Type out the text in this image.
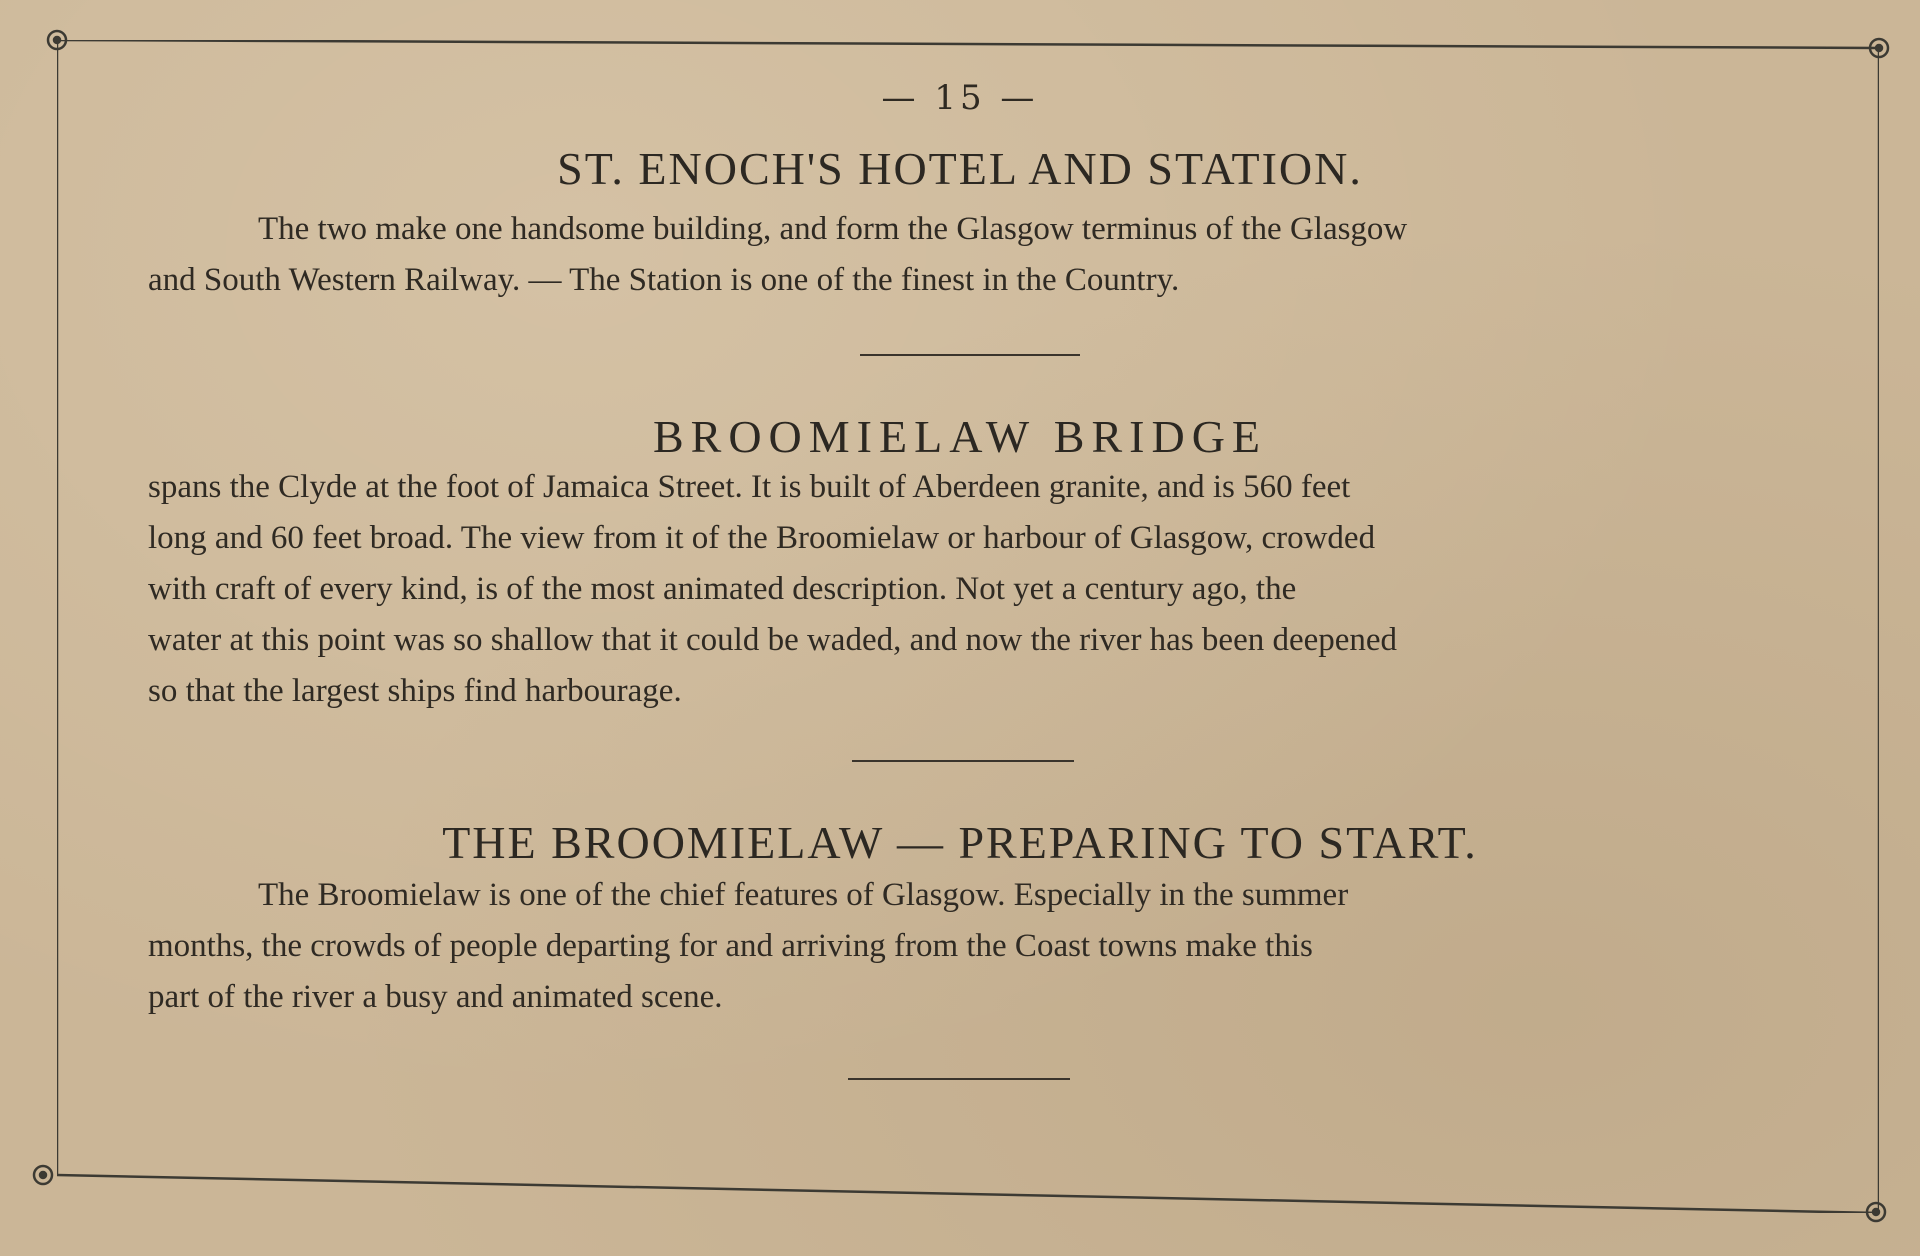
— 15 —
ST. ENOCH'S HOTEL AND STATION.
The two make one handsome building, and form the Glasgow terminus of the Glasgow
and South Western Railway. — The Station is one of the finest in the Country.
BROOMIELAW BRIDGE
spans the Clyde at the foot of Jamaica Street. It is built of Aberdeen granite, and is 560 feet
long and 60 feet broad. The view from it of the Broomielaw or harbour of Glasgow, crowded
with craft of every kind, is of the most animated description. Not yet a century ago, the
water at this point was so shallow that it could be waded, and now the river has been deepened
so that the largest ships find harbourage.
THE BROOMIELAW — PREPARING TO START.
The Broomielaw is one of the chief features of Glasgow. Especially in the summer
months, the crowds of people departing for and arriving from the Coast towns make this
part of the river a busy and animated scene.
